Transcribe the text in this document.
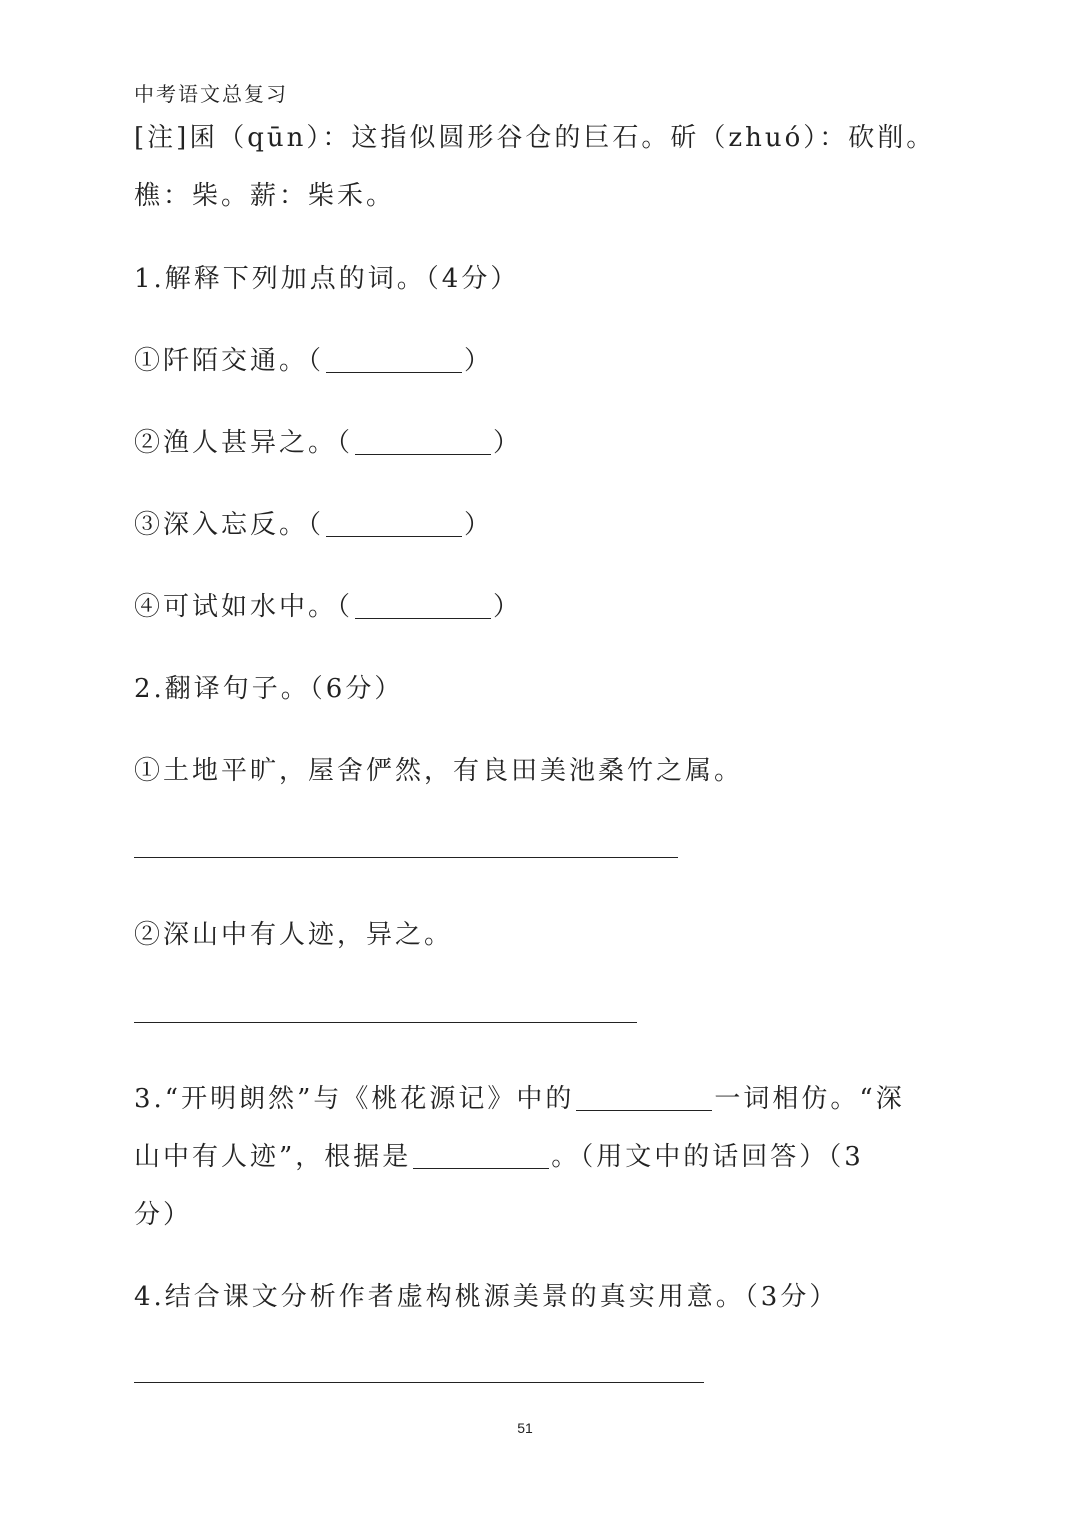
中考语文总复习
[注]囷（qūn）：这指似圆形谷仓的巨石。斫（zhuó）：砍削。
樵：柴。薪：柴禾。
1.解释下列加点的词。（4分）
①阡陌交通。（	）
②渔人甚异之。（	）
③深入忘反。（	）
④可试如水中。（	）
2.翻译句子。（6分）
①土地平旷，屋舍俨然，有良田美池桑竹之属。
②深山中有人迹，异之。
3.“开明朗然”与《桃花源记》中的	一词相仿。“深
山中有人迹”，根据是	。（用文中的话回答）（3
分）
4.结合课文分析作者虚构桃源美景的真实用意。（3分）
51
